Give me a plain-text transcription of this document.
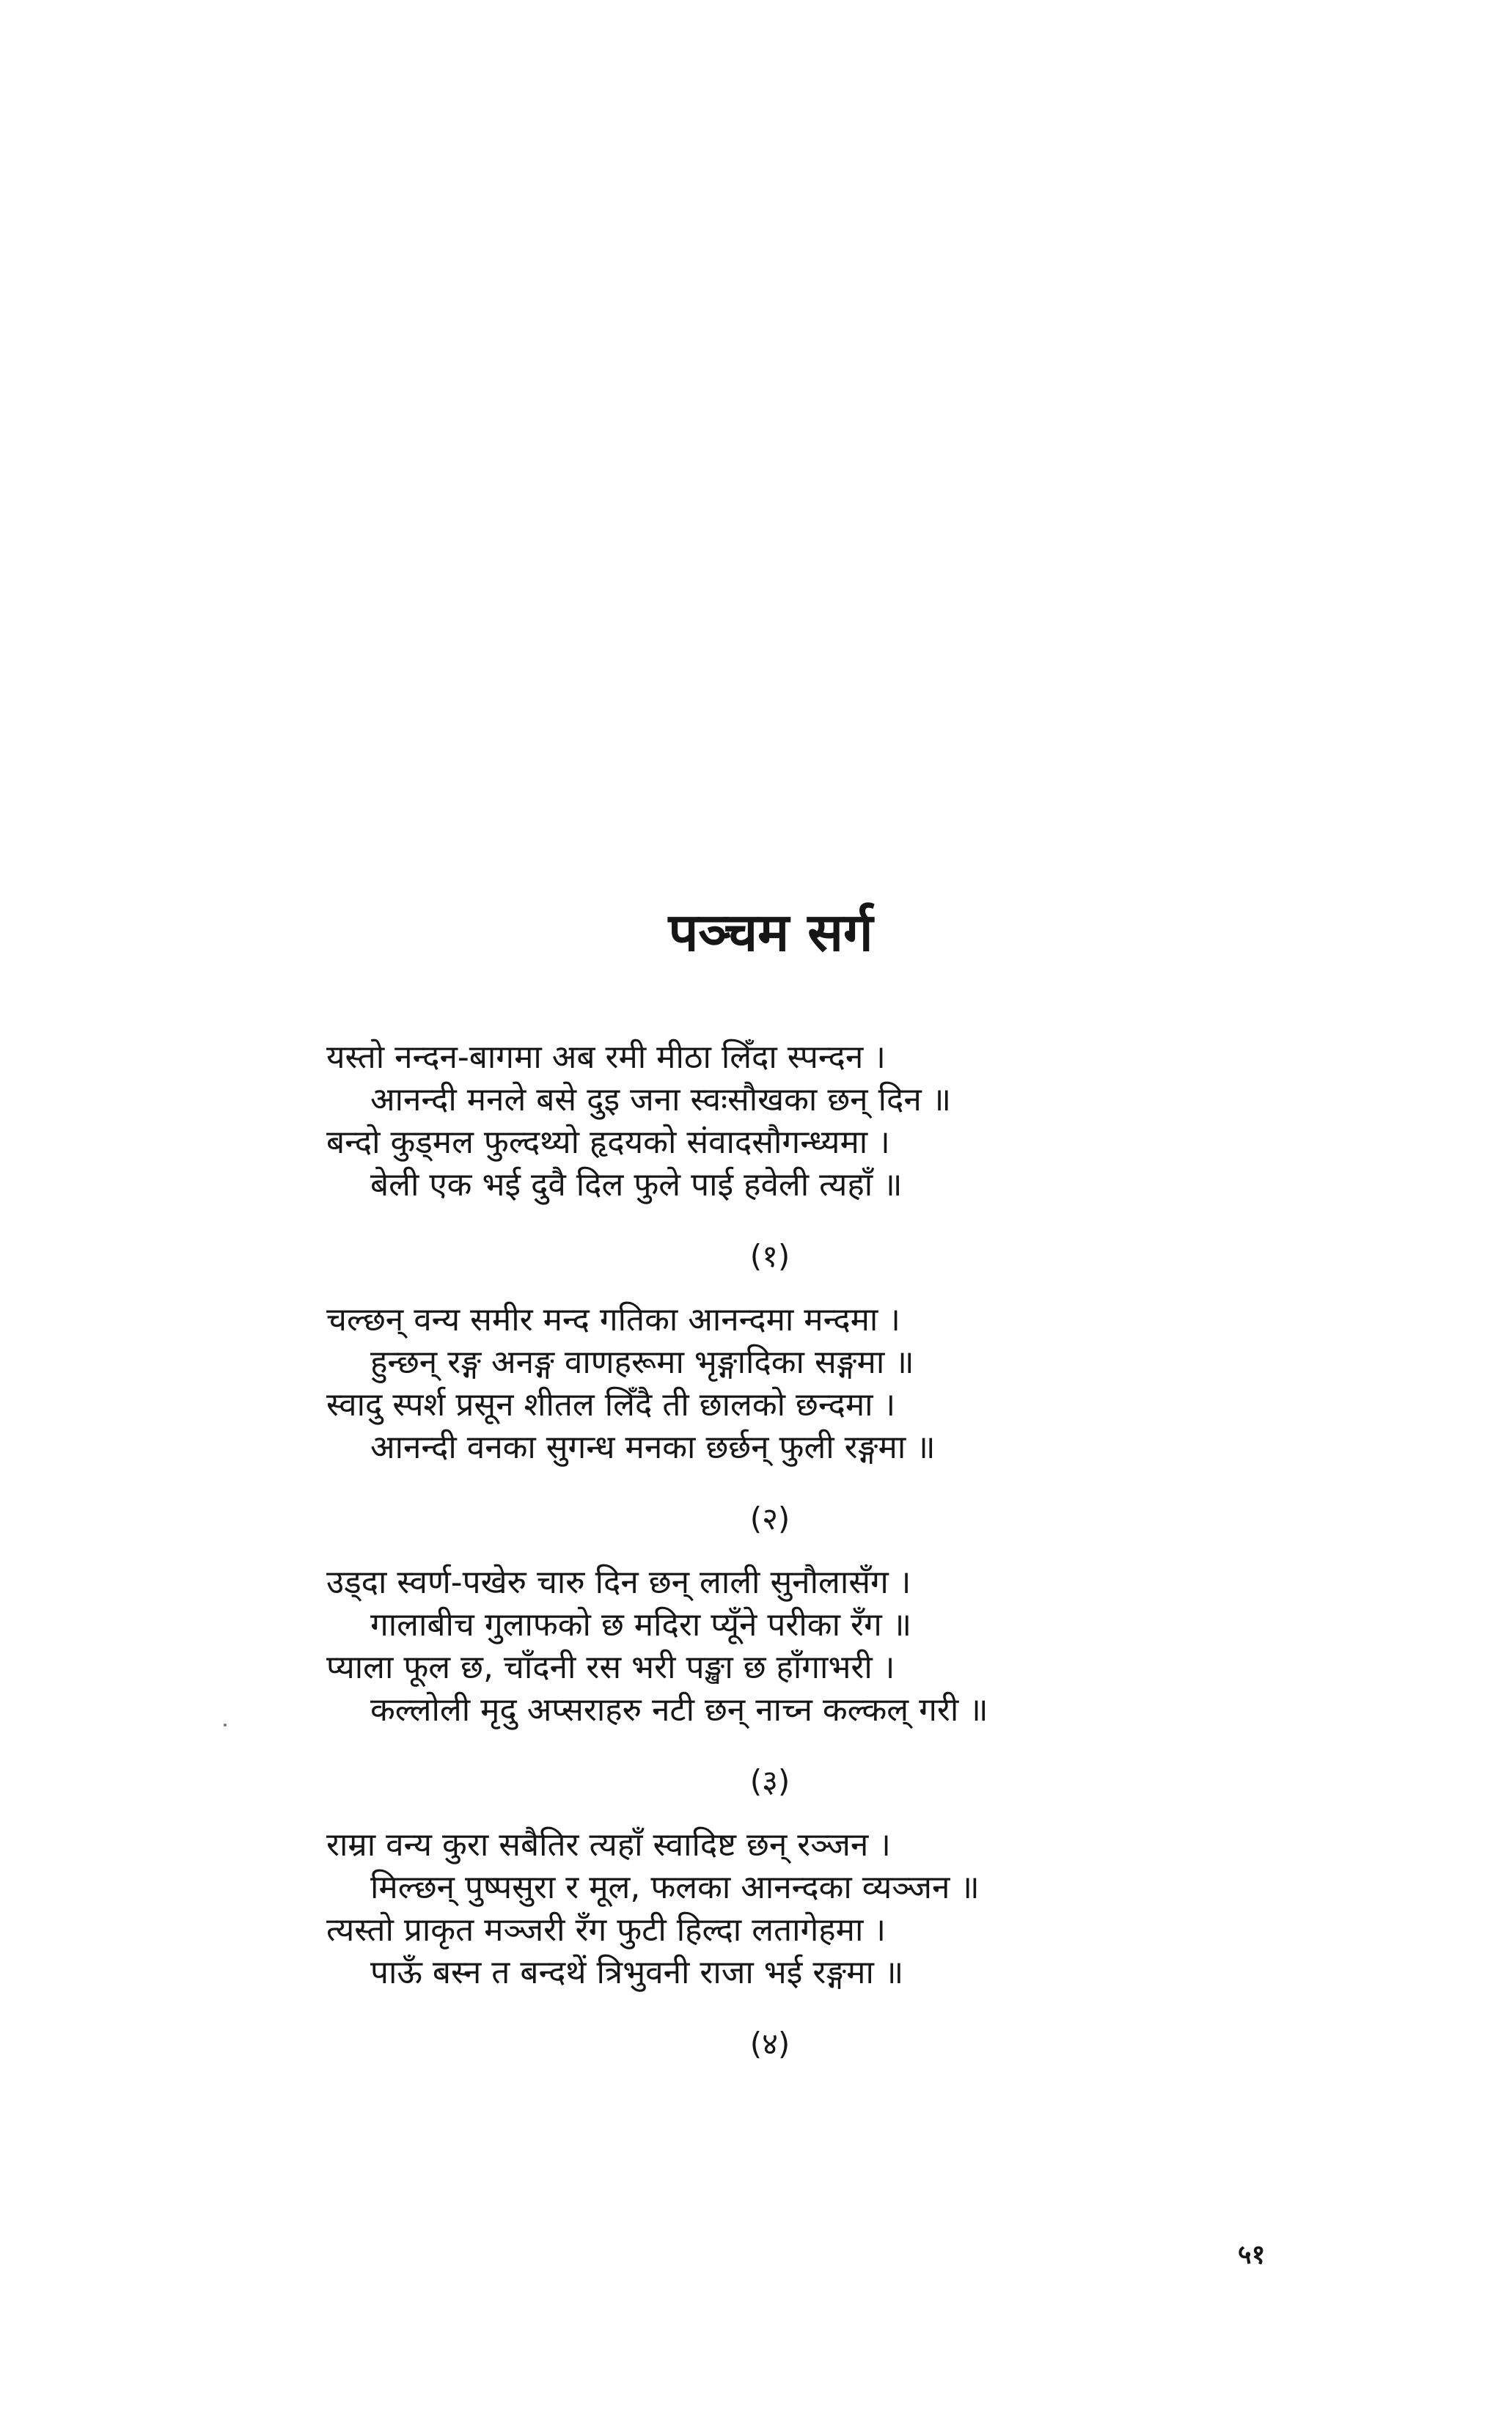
पञ्चम सर्ग
यस्तो नन्दन-बागमा अब रमी मीठा लिँदा स्पन्दन ।
आनन्दी मनले बसे दुइ जना स्वःसौखका छन् दिन ॥
बन्दो कुड्मल फुल्दथ्यो हृदयको संवादसौगन्ध्यमा ।
बेली एक भई दुवै दिल फुले पाई हवेली त्यहाँ ॥
(१)
चल्छन् वन्य समीर मन्द गतिका आनन्दमा मन्दमा ।
हुन्छन् रङ्ग अनङ्ग वाणहरूमा भृङ्गादिका सङ्गमा ॥
स्वादु स्पर्श प्रसून शीतल लिँदै ती छालको छन्दमा ।
आनन्दी वनका सुगन्ध मनका छर्छन् फुली रङ्गमा ॥
(२)
उड्दा स्वर्ण-पखेरु चारु दिन छन् लाली सुनौलासँग ।
गालाबीच गुलाफको छ मदिरा प्यूँने परीका रँग ॥
प्याला फूल छ, चाँदनी रस भरी पङ्खा छ हाँगाभरी ।
कल्लोली मृदु अप्सराहरु नटी छन् नाच्न कल्कल् गरी ॥
(३)
राम्रा वन्य कुरा सबैतिर त्यहाँ स्वादिष्ट छन् रञ्जन ।
मिल्छन् पुष्पसुरा र मूल, फलका आनन्दका व्यञ्जन ॥
त्यस्तो प्राकृत मञ्जरी रँग फुटी हिल्दा लतागेहमा ।
पाऊँ बस्न त बन्दथें त्रिभुवनी राजा भई रङ्गमा ॥
(४)
५१
